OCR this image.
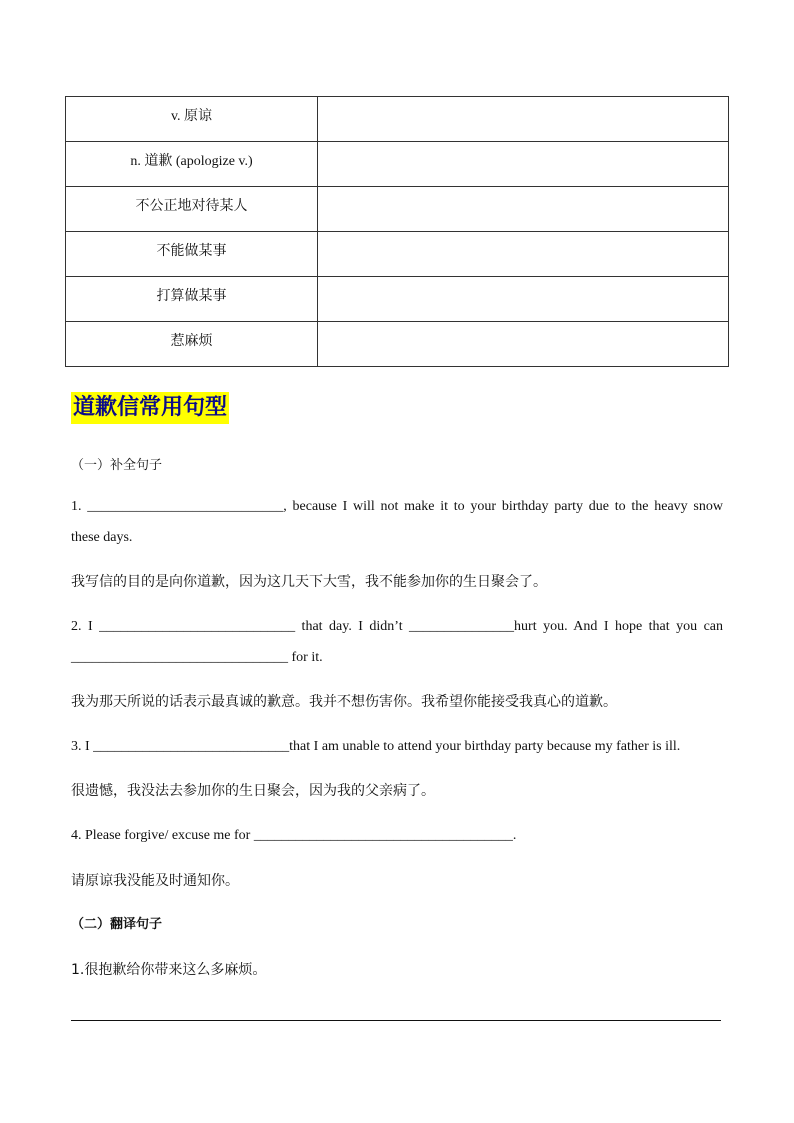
v. 原谅	
n. 道歉 (apologize v.)	
不公正地对待某人	
不能做某事	
打算做某事	
惹麻烦	
道歉信常用句型
（一）补全句子
1. ____________________________, because I will not make it to your birthday party due to the heavy snow
these days.
我写信的目的是向你道歉，因为这几天下大雪，我不能参加你的生日聚会了。
2. I ____________________________ that day. I didn’t _______________hurt you. And I hope that you can
_______________________________ for it.
我为那天所说的话表示最真诚的歉意。我并不想伤害你。我希望你能接受我真心的道歉。
3. I ____________________________that I am unable to attend your birthday party because my father is ill.
很遗憾，我没法去参加你的生日聚会，因为我的父亲病了。
4. Please forgive/ excuse me for _____________________________________.
请原谅我没能及时通知你。
（二）翻译句子
1.很抱歉给你带来这么多麻烦。
